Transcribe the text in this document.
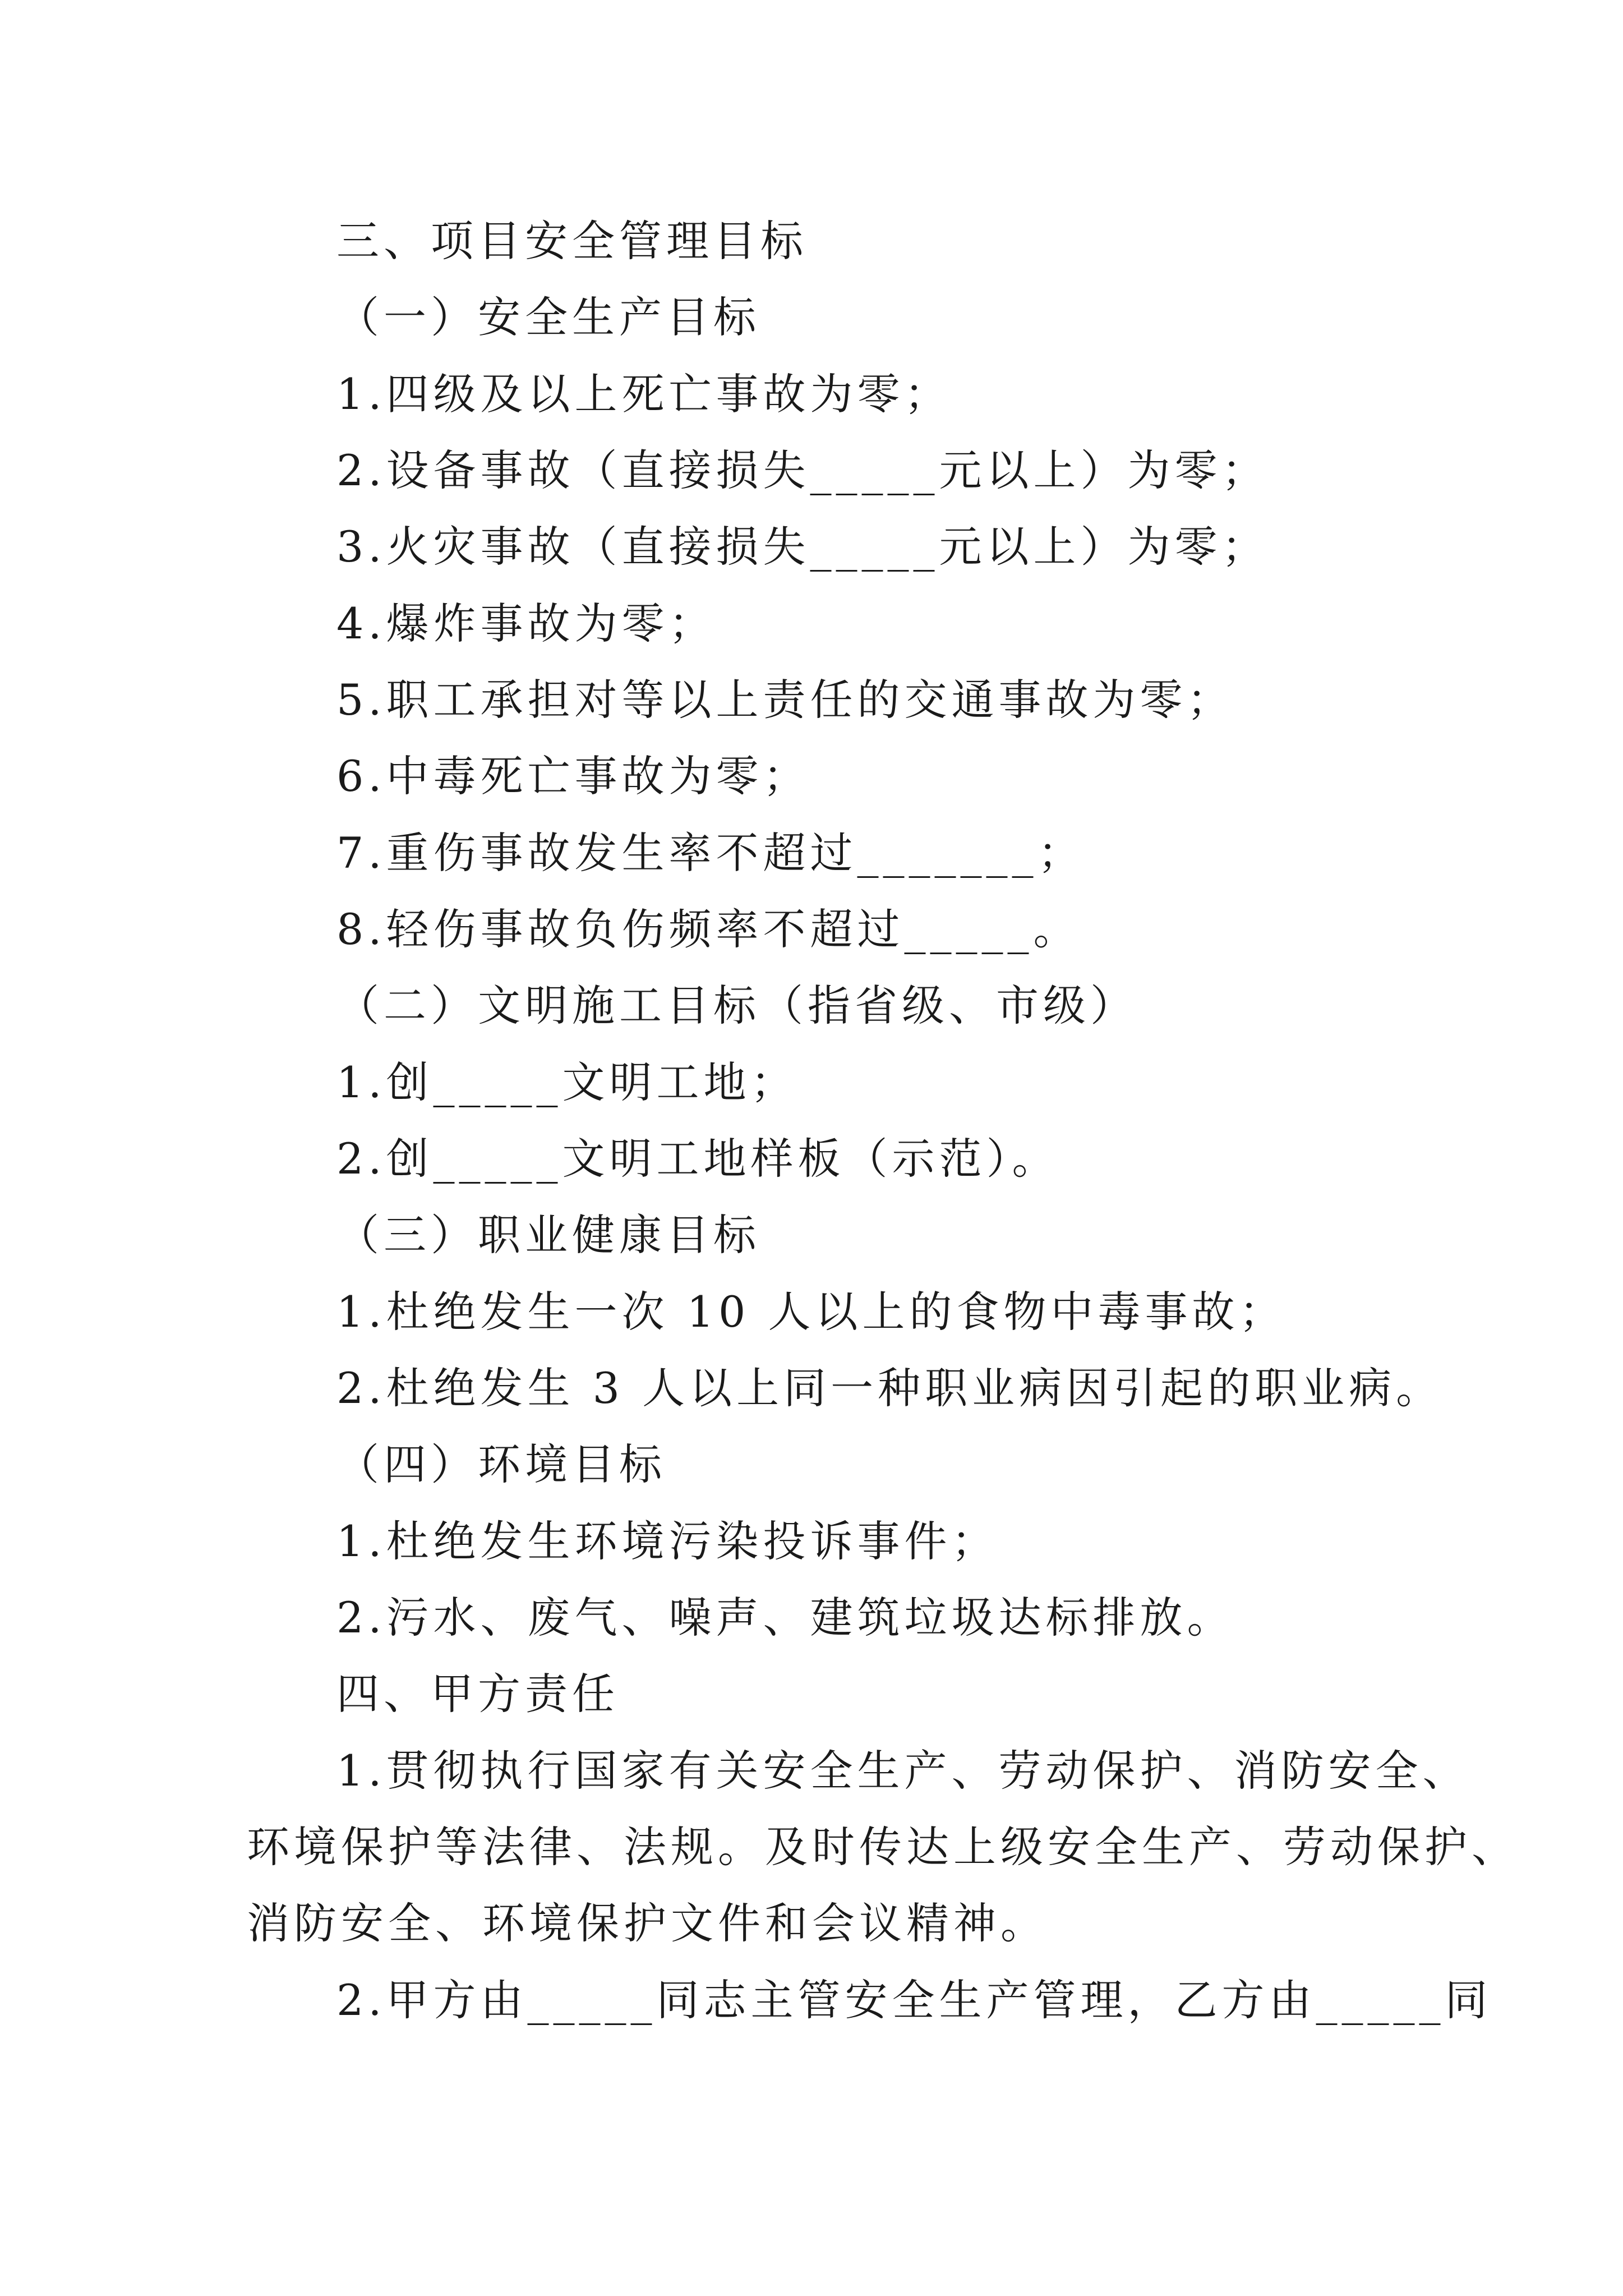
三、项目安全管理目标
（一）安全生产目标
1.四级及以上死亡事故为零；
2.设备事故（直接损失_____元以上）为零；
3.火灾事故（直接损失_____元以上）为零；
4.爆炸事故为零；
5.职工承担对等以上责任的交通事故为零；
6.中毒死亡事故为零；
7.重伤事故发生率不超过_______；
8.轻伤事故负伤频率不超过_____。
（二）文明施工目标（指省级、市级）
1.创_____文明工地；
2.创_____文明工地样板（示范）。
（三）职业健康目标
1.杜绝发生一次 10 人以上的食物中毒事故；
2.杜绝发生 3 人以上同一种职业病因引起的职业病。
（四）环境目标
1.杜绝发生环境污染投诉事件；
2.污水、废气、噪声、建筑垃圾达标排放。
四、甲方责任
1.贯彻执行国家有关安全生产、劳动保护、消防安全、
环境保护等法律、法规。及时传达上级安全生产、劳动保护、
消防安全、环境保护文件和会议精神。
2.甲方由_____同志主管安全生产管理，乙方由_____同
